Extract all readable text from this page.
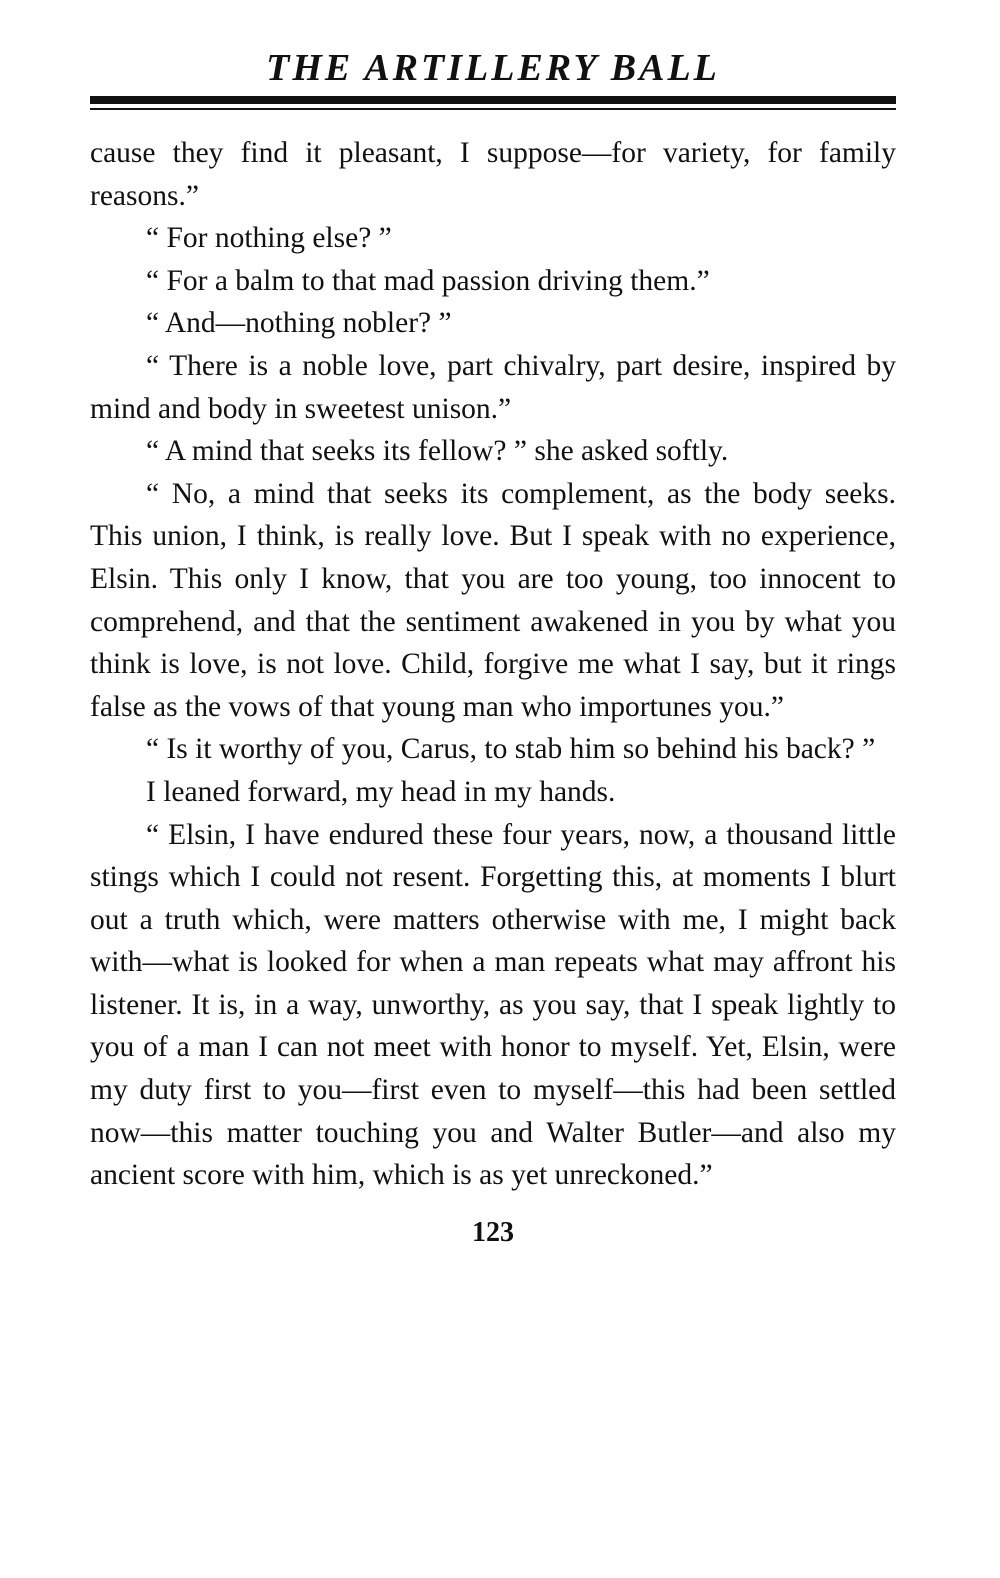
THE ARTILLERY BALL

cause they find it pleasant, I suppose—for variety, for family reasons.”

“ For nothing else? ”

“ For a balm to that mad passion driving them.”

“ And—nothing nobler? ”

“ There is a noble love, part chivalry, part desire, inspired by mind and body in sweetest unison.”

“ A mind that seeks its fellow? ” she asked softly.

“ No, a mind that seeks its complement, as the body seeks. This union, I think, is really love. But I speak with no experience, Elsin. This only I know, that you are too young, too innocent to comprehend, and that the sentiment awakened in you by what you think is love, is not love. Child, forgive me what I say, but it rings false as the vows of that young man who importunes you.”

“ Is it worthy of you, Carus, to stab him so behind his back? ”

I leaned forward, my head in my hands.

“ Elsin, I have endured these four years, now, a thousand little stings which I could not resent. Forgetting this, at moments I blurt out a truth which, were matters otherwise with me, I might back with—what is looked for when a man repeats what may affront his listener. It is, in a way, unworthy, as you say, that I speak lightly to you of a man I can not meet with honor to myself. Yet, Elsin, were my duty first to you—first even to myself—this had been settled now—this matter touching you and Walter Butler—and also my ancient score with him, which is as yet unreckoned.”

123
